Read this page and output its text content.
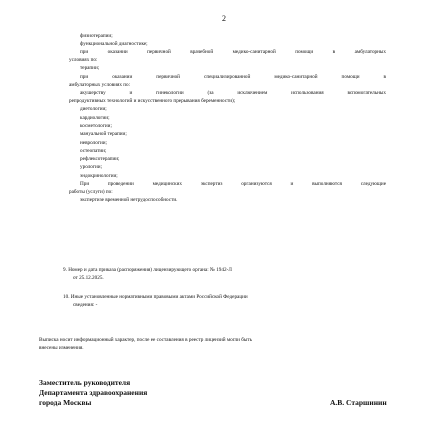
2
физиотерапии;
функциональной диагностике;
при оказании первичной врачебной медико-санитарной помощи в амбулаторных
условиях по:
терапии;
при оказании первичной специализированной медико-санитарной помощи в
амбулаторных условиях по:
акушерству и гинекологии (за исключением использования вспомогательных
репродуктивных технологий и искусственного прерывания беременности);
диетологии;
кардиологии;
косметологии;
мануальной терапии;
неврологии;
остеопатии;
рефлексотерапии;
урологии;
эндокринологии;
При проведении медицинских экспертиз организуются и выполняются следующие
работы (услуги) по:
экспертизе временной нетрудоспособности.
9. Номер и дата приказа (распоряжения) лицензирующего органа: № 1942-Л
от 25.12.2025.
10. Иные установленные нормативными правовыми актами Российской Федерации
сведения: -
Выписка носит информационный характер, после ее составления в реестр лицензий могли быть
внесены изменения.
Заместитель руководителя
Департамента здравоохранения
города Москвы	А.В. Старшинин
